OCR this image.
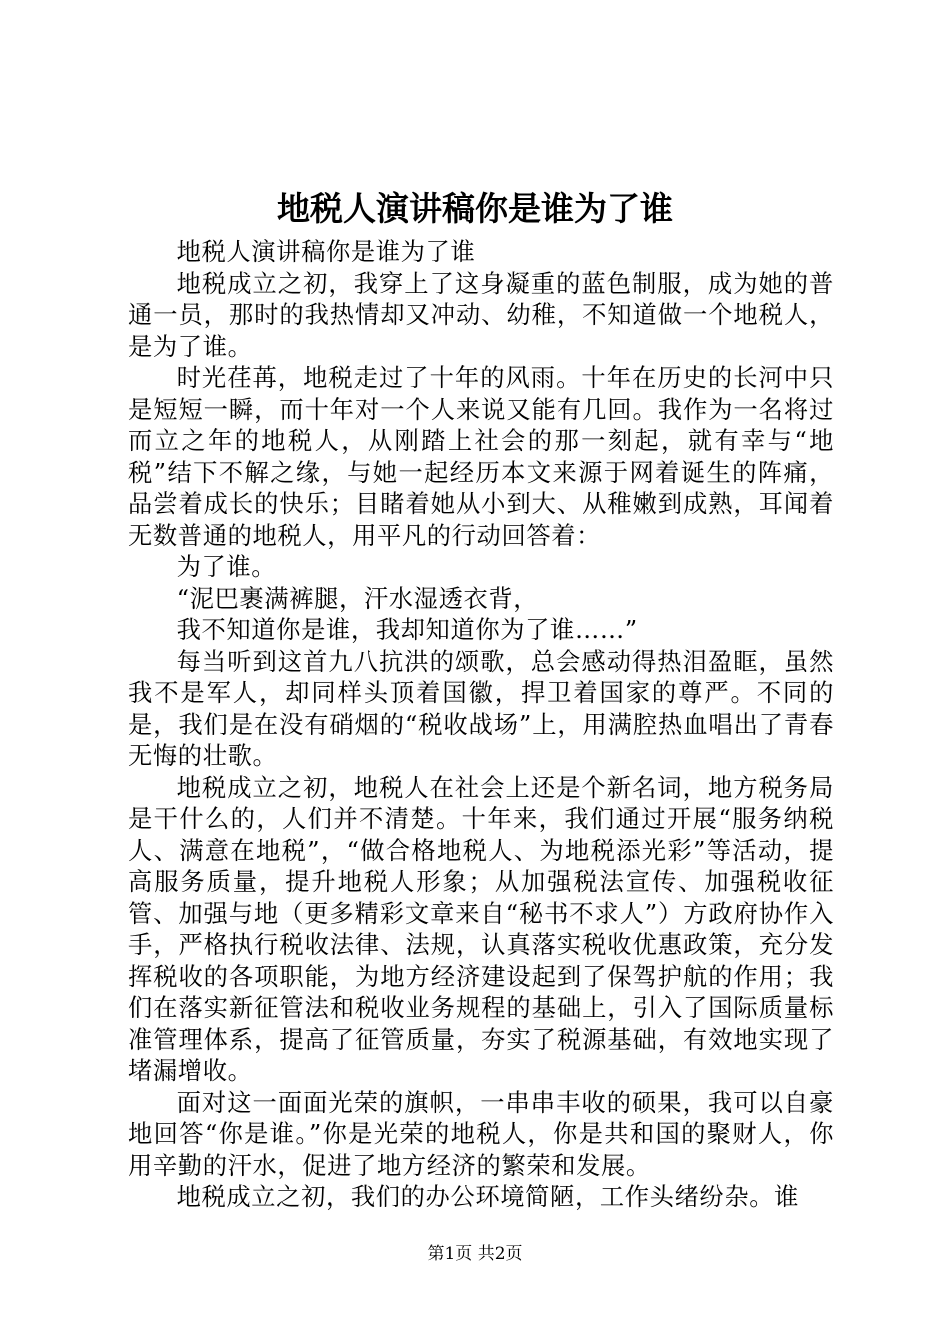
地税人演讲稿你是谁为了谁

地税人演讲稿你是谁为了谁

地税成立之初，我穿上了这身凝重的蓝色制服，成为她的普通一员，那时的我热情却又冲动、幼稚，不知道做一个地税人，是为了谁。

时光荏苒，地税走过了十年的风雨。十年在历史的长河中只是短短一瞬，而十年对一个人来说又能有几回。我作为一名将过而立之年的地税人，从刚踏上社会的那一刻起，就有幸与“地税”结下不解之缘，与她一起经历本文来源于网着诞生的阵痛，品尝着成长的快乐；目睹着她从小到大、从稚嫩到成熟，耳闻着无数普通的地税人，用平凡的行动回答着：

为了谁。

“泥巴裹满裤腿，汗水湿透衣背，

我不知道你是谁，我却知道你为了谁……”

每当听到这首九八抗洪的颂歌，总会感动得热泪盈眶，虽然我不是军人，却同样头顶着国徽，捍卫着国家的尊严。不同的是，我们是在没有硝烟的“税收战场”上，用满腔热血唱出了青春无悔的壮歌。

地税成立之初，地税人在社会上还是个新名词，地方税务局是干什么的，人们并不清楚。十年来，我们通过开展“服务纳税人、满意在地税”，“做合格地税人、为地税添光彩”等活动，提高服务质量，提升地税人形象；从加强税法宣传、加强税收征管、加强与地（更多精彩文章来自“秘书不求人”）方政府协作入手，严格执行税收法律、法规，认真落实税收优惠政策，充分发挥税收的各项职能，为地方经济建设起到了保驾护航的作用；我们在落实新征管法和税收业务规程的基础上，引入了国际质量标准管理体系，提高了征管质量，夯实了税源基础，有效地实现了堵漏增收。

面对这一面面光荣的旗帜，一串串丰收的硕果，我可以自豪地回答“你是谁。”你是光荣的地税人，你是共和国的聚财人，你用辛勤的汗水，促进了地方经济的繁荣和发展。

地税成立之初，我们的办公环境简陋，工作头绪纷杂。谁

第1页 共2页
